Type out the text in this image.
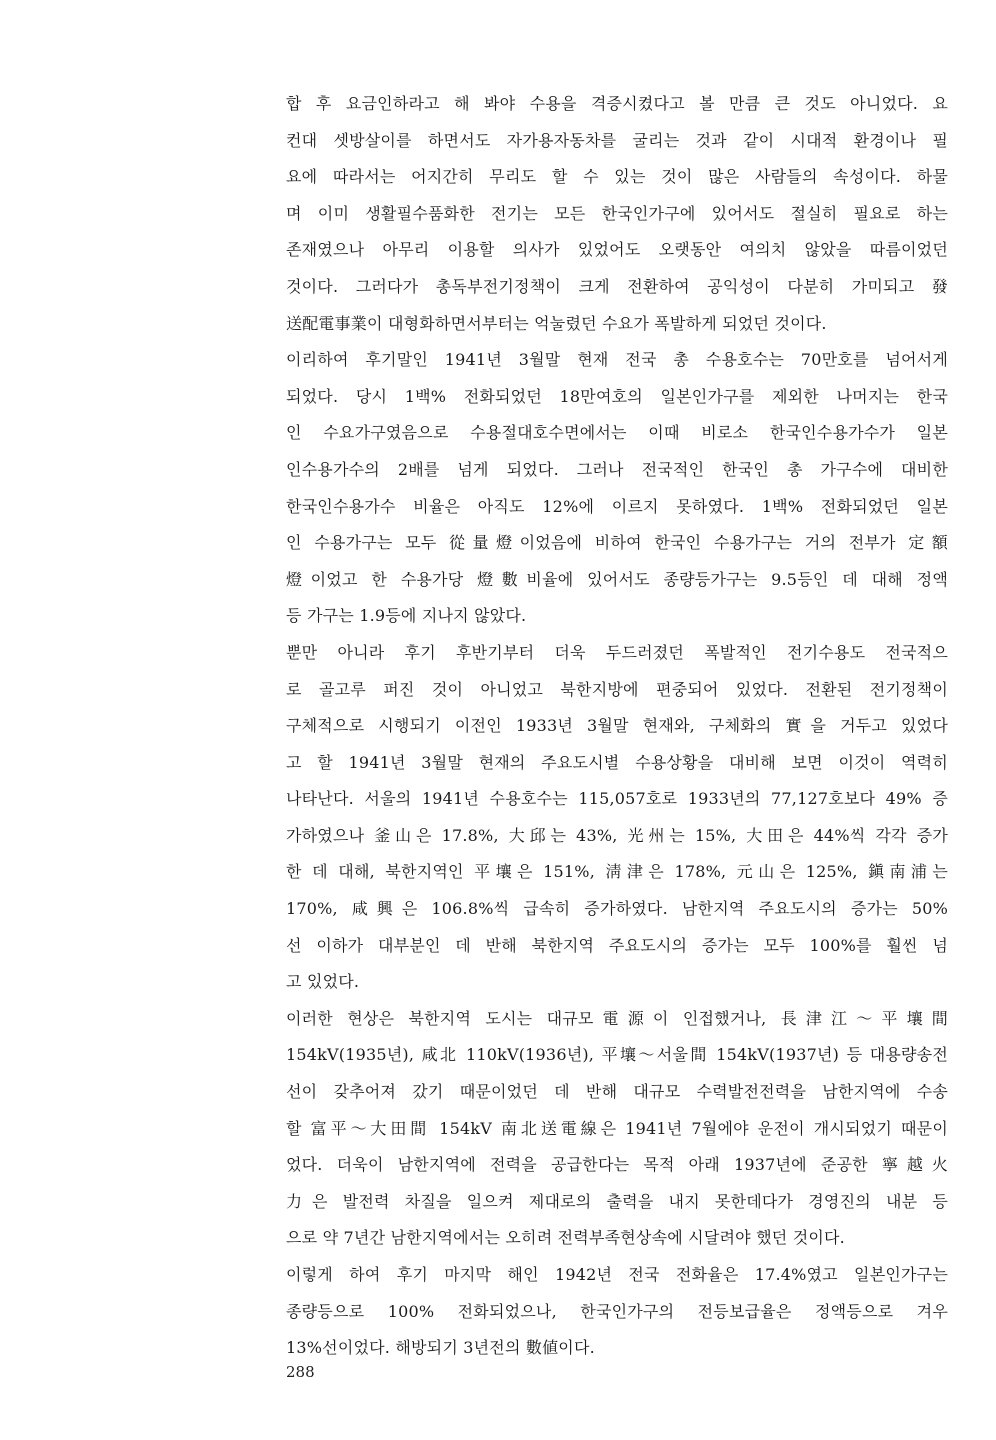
합 후 요금인하라고 해 봐야 수용을 격증시켰다고 볼 만큼 큰 것도 아니었다. 요
컨대 셋방살이를 하면서도 자가용자동차를 굴리는 것과 같이 시대적 환경이나 필
요에 따라서는 어지간히 무리도 할 수 있는 것이 많은 사람들의 속성이다. 하물
며 이미 생활필수품화한 전기는 모든 한국인가구에 있어서도 절실히 필요로 하는
존재였으나 아무리 이용할 의사가 있었어도 오랫동안 여의치 않았을 따름이었던
것이다. 그러다가 총독부전기정책이 크게 전환하여 공익성이 다분히 가미되고 發
送配電事業이 대형화하면서부터는 억눌렸던 수요가 폭발하게 되었던 것이다.
이리하여 후기말인 1941년 3월말 현재 전국 총 수용호수는 70만호를 넘어서게
되었다. 당시 1백% 전화되었던 18만여호의 일본인가구를 제외한 나머지는 한국
인 수요가구였음으로 수용절대호수면에서는 이때 비로소 한국인수용가수가 일본
인수용가수의 2배를 넘게 되었다. 그러나 전국적인 한국인 총 가구수에 대비한
한국인수용가수 비율은 아직도 12%에 이르지 못하였다. 1백% 전화되었던 일본
인 수용가구는 모두 從量燈이었음에 비하여 한국인 수용가구는 거의 전부가 定額
燈이었고 한 수용가당 燈數비율에 있어서도 종량등가구는 9.5등인 데 대해 정액
등 가구는 1.9등에 지나지 않았다.
뿐만 아니라 후기 후반기부터 더욱 두드러졌던 폭발적인 전기수용도 전국적으
로 골고루 퍼진 것이 아니었고 북한지방에 편중되어 있었다. 전환된 전기정책이
구체적으로 시행되기 이전인 1933년 3월말 현재와, 구체화의 實을 거두고 있었다
고 할 1941년 3월말 현재의 주요도시별 수용상황을 대비해 보면 이것이 역력히
나타난다. 서울의 1941년 수용호수는 115,057호로 1933년의 77,127호보다 49% 증
가하였으나 釜山은 17.8%, 大邱는 43%, 光州는 15%, 大田은 44%씩 각각 증가
한 데 대해, 북한지역인 平壤은 151%, 淸津은 178%, 元山은 125%, 鎭南浦는
170%, 咸興은 106.8%씩 급속히 증가하였다. 남한지역 주요도시의 증가는 50%
선 이하가 대부분인 데 반해 북한지역 주요도시의 증가는 모두 100%를 훨씬 넘
고 있었다.
이러한 현상은 북한지역 도시는 대규모電源이 인접했거나, 長津江～平壤間
154kV(1935년), 咸北 110kV(1936년), 平壤～서울間 154kV(1937년) 등 대용량송전
선이 갖추어져 갔기 때문이었던 데 반해 대규모 수력발전전력을 남한지역에 수송
할 富平～大田間 154kV 南北送電線은 1941년 7월에야 운전이 개시되었기 때문이
었다. 더욱이 남한지역에 전력을 공급한다는 목적 아래 1937년에 준공한 寧越火
力은 발전력 차질을 일으켜 제대로의 출력을 내지 못한데다가 경영진의 내분 등
으로 약 7년간 남한지역에서는 오히려 전력부족현상속에 시달려야 했던 것이다.
이렇게 하여 후기 마지막 해인 1942년 전국 전화율은 17.4%였고 일본인가구는
종량등으로 100% 전화되었으나, 한국인가구의 전등보급율은 정액등으로 겨우
13%선이었다. 해방되기 3년전의 數値이다.
288
